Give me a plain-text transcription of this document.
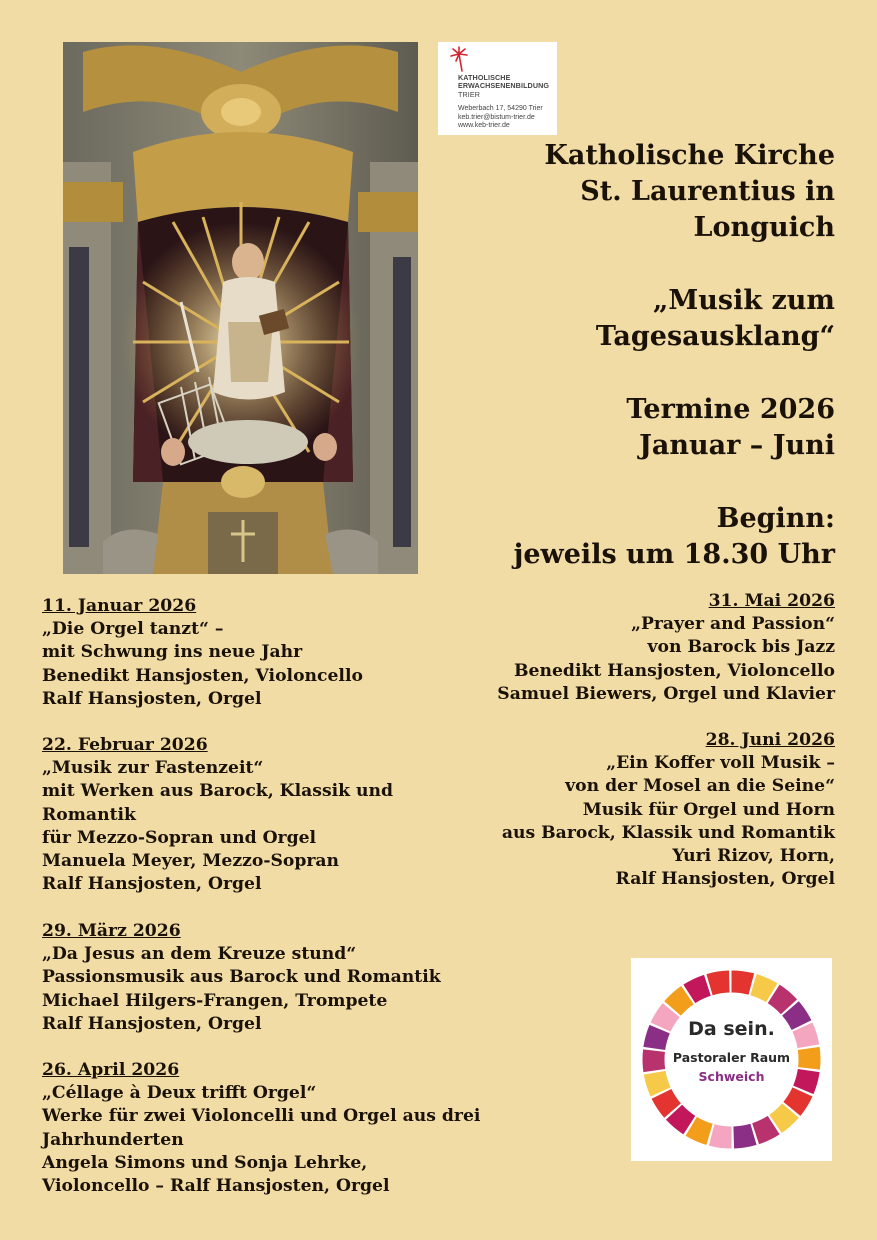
KATHOLISCHE
ERWACHSENENBILDUNG
TRIER
Weberbach 17, 54290 Trier
keb.trier@bistum-trier.de
www.keb-trier.de
Katholische Kirche
St. Laurentius in Longuich
„Musik zum
Tagesausklang“
Termine 2026
Januar – Juni
Beginn:
jeweils um 18.30 Uhr
11. Januar 2026
„Die Orgel tanzt“ –
mit Schwung ins neue Jahr
Benedikt Hansjosten, Violoncello
Ralf Hansjosten, Orgel
22. Februar 2026
„Musik zur Fastenzeit“
mit Werken aus Barock, Klassik und
Romantik
für Mezzo-Sopran und Orgel
Manuela Meyer, Mezzo-Sopran
Ralf Hansjosten, Orgel
29. März 2026
„Da Jesus an dem Kreuze stund“
Passionsmusik aus Barock und Romantik
Michael Hilgers-Frangen, Trompete
Ralf Hansjosten, Orgel
26. April 2026
„Céllage à Deux trifft Orgel“
Werke für zwei Violoncelli und Orgel aus drei
Jahrhunderten
Angela Simons und Sonja Lehrke,
Violoncello – Ralf Hansjosten, Orgel
31. Mai 2026
„Prayer and Passion“
von Barock bis Jazz
Benedikt Hansjosten, Violoncello
Samuel Biewers, Orgel und Klavier
28. Juni 2026
„Ein Koffer voll Musik –
von der Mosel an die Seine“
Musik für Orgel und Horn
aus Barock, Klassik und Romantik
Yuri Rizov, Horn,
Ralf Hansjosten, Orgel
Da sein.
Pastoraler Raum
Schweich
